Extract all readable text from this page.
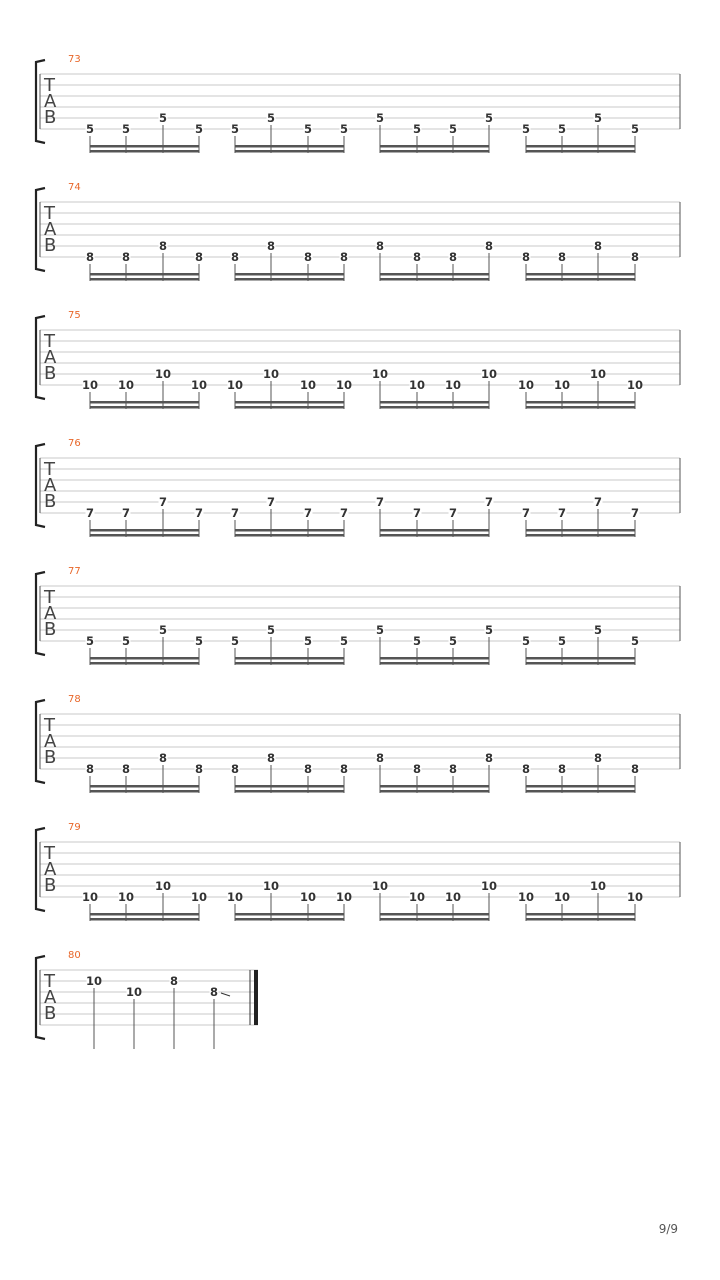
73
T
A
B
5 5
5
5 5
5
5 5
5
5 5
5
5 5
5
5
74
T
A
B
8 8
8
8 8
8
8 8
8
8 8
8
8 8
8
8
75
T
A
B
10 10
10
10 10
10
10 10
10
10 10
10
10 10
10
10
76
T
A
B
7 7
7
7 7
7
7 7
7
7 7
7
7 7
7
7
77
T
A
B
5 5
5
5 5
5
5 5
5
5 5
5
5 5
5
5
78
T
A
B
8 8
8
8 8
8
8 8
8
8 8
8
8 8
8
8
79
T
A
B
10 10
10
10 10
10
10 10
10
10 10
10
10 10
10
10
80
T
A
B
10
10
8
8
9/9
